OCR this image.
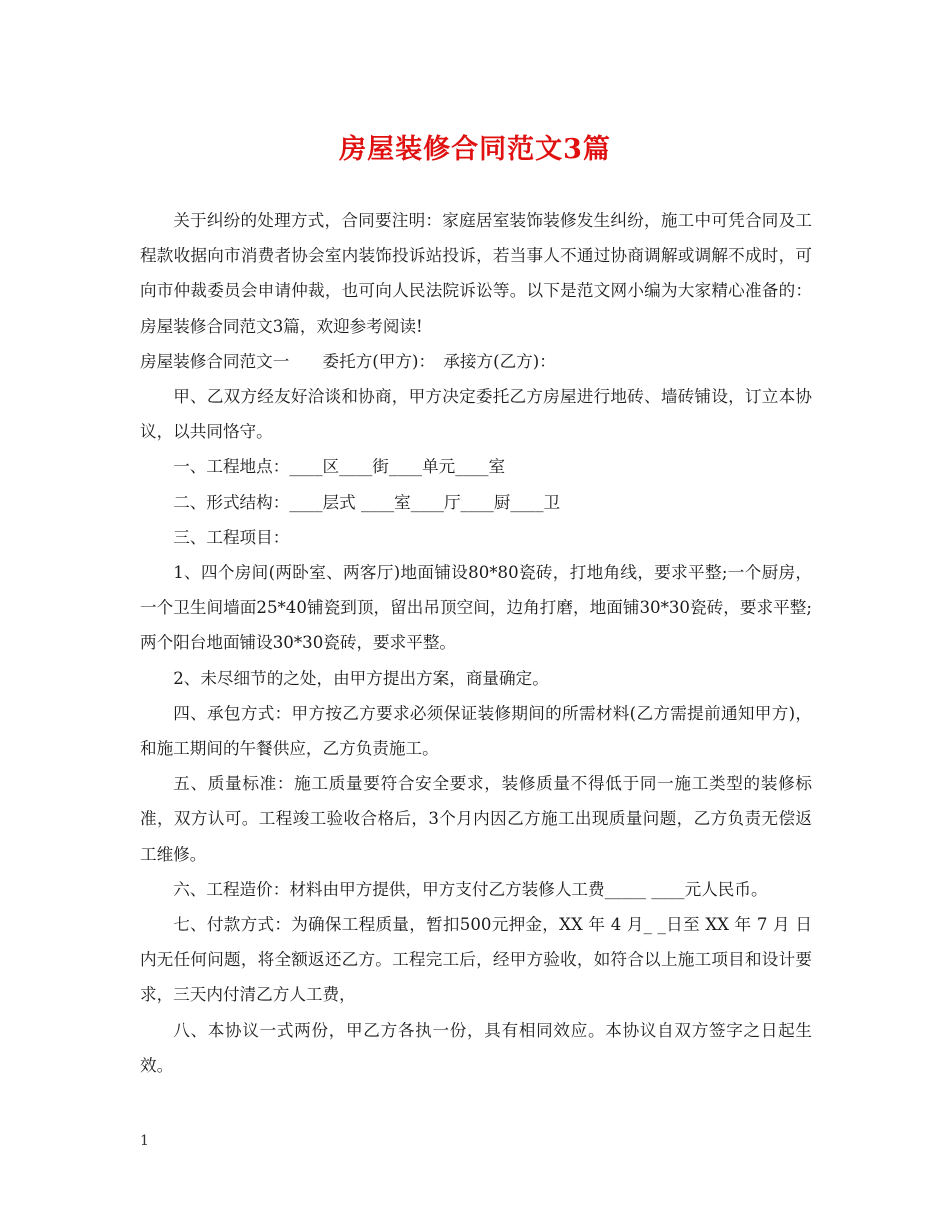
房屋装修合同范文3篇

关于纠纷的处理方式，合同要注明：家庭居室装饰装修发生纠纷，施工中可凭合同及工程款收据向市消费者协会室内装饰投诉站投诉，若当事人不通过协商调解或调解不成时，可向市仲裁委员会申请仲裁，也可向人民法院诉讼等。以下是范文网小编为大家精心准备的：房屋装修合同范文3篇，欢迎参考阅读!

房屋装修合同范文一　　委托方(甲方)：　承接方(乙方)：

甲、乙双方经友好洽谈和协商，甲方决定委托乙方房屋进行地砖、墙砖铺设，订立本协议，以共同恪守。

一、工程地点：____区____街____单元____室

二、形式结构：____层式 ____室____厅____厨____卫

三、工程项目：

1、四个房间(两卧室、两客厅)地面铺设80*80瓷砖，打地角线，要求平整;一个厨房，一个卫生间墙面25*40铺瓷到顶，留出吊顶空间，边角打磨，地面铺30*30瓷砖，要求平整;两个阳台地面铺设30*30瓷砖，要求平整。

2、未尽细节的之处，由甲方提出方案，商量确定。

四、承包方式：甲方按乙方要求必须保证装修期间的所需材料(乙方需提前通知甲方)，和施工期间的午餐供应，乙方负责施工。

五、质量标准：施工质量要符合安全要求，装修质量不得低于同一施工类型的装修标准，双方认可。工程竣工验收合格后，3个月内因乙方施工出现质量问题，乙方负责无偿返工维修。

六、工程造价：材料由甲方提供，甲方支付乙方装修人工费_____ ____元人民币。

七、付款方式：为确保工程质量，暂扣500元押金，XX 年 4 月_ _日至 XX 年 7 月 日内无任何问题，将全额返还乙方。工程完工后，经甲方验收，如符合以上施工项目和设计要求，三天内付清乙方人工费，

八、本协议一式两份，甲乙方各执一份，具有相同效应。本协议自双方签字之日起生效。

1
